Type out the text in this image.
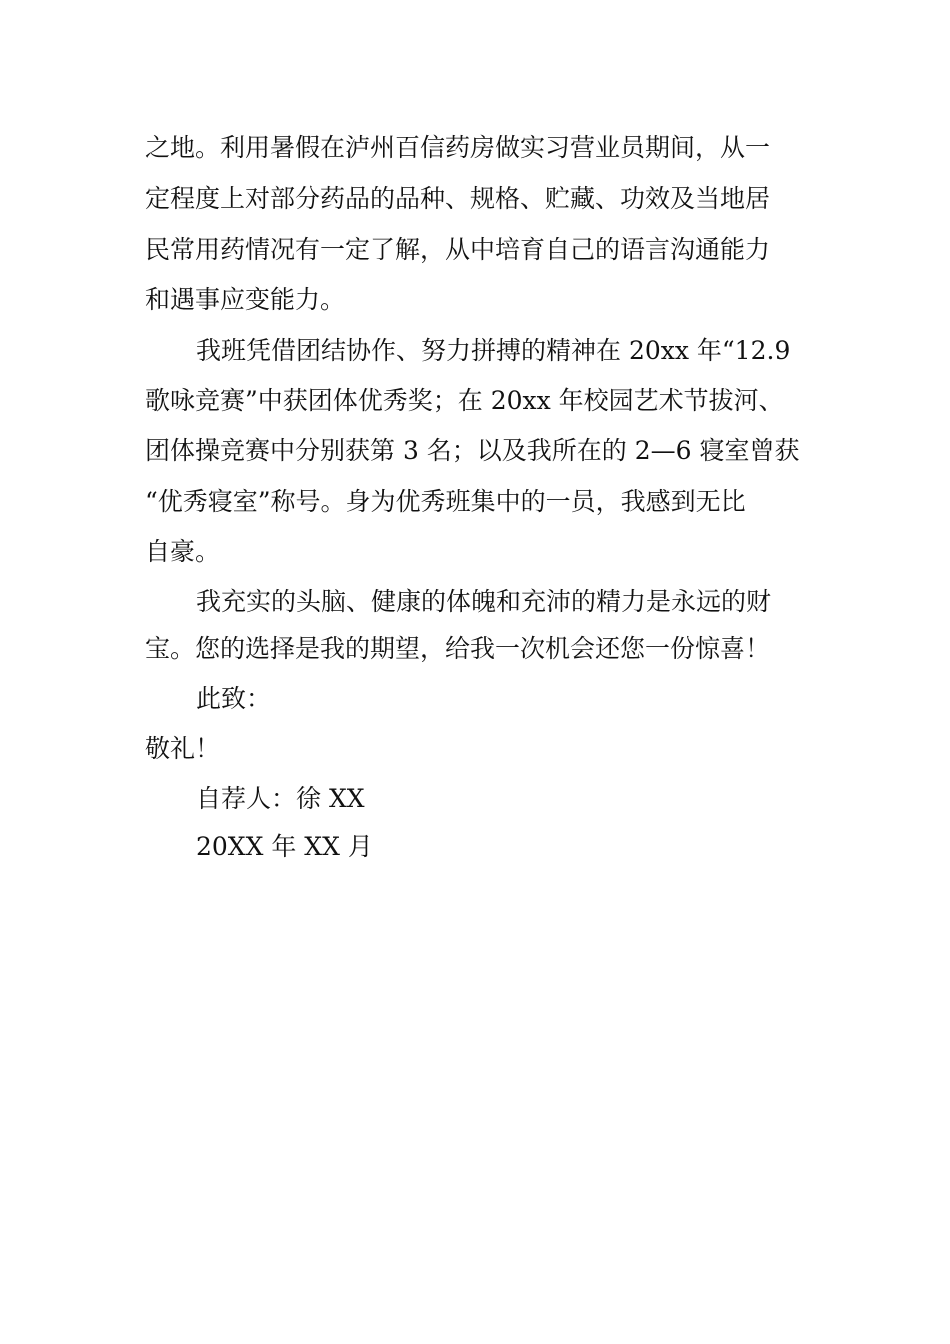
之地。利用暑假在泸州百信药房做实习营业员期间，从一
定程度上对部分药品的品种、规格、贮藏、功效及当地居
民常用药情况有一定了解，从中培育自己的语言沟通能力
和遇事应变能力。
我班凭借团结协作、努力拼搏的精神在 20xx 年“12.9
歌咏竞赛”中获团体优秀奖；在 20xx 年校园艺术节拔河、
团体操竞赛中分别获第 3 名；以及我所在的 2—6 寝室曾获
“优秀寝室”称号。身为优秀班集中的一员，我感到无比
自豪。
我充实的头脑、健康的体魄和充沛的精力是永远的财
宝。您的选择是我的期望，给我一次机会还您一份惊喜！
此致：
敬礼！
自荐人：徐 XX
20XX 年 XX 月
